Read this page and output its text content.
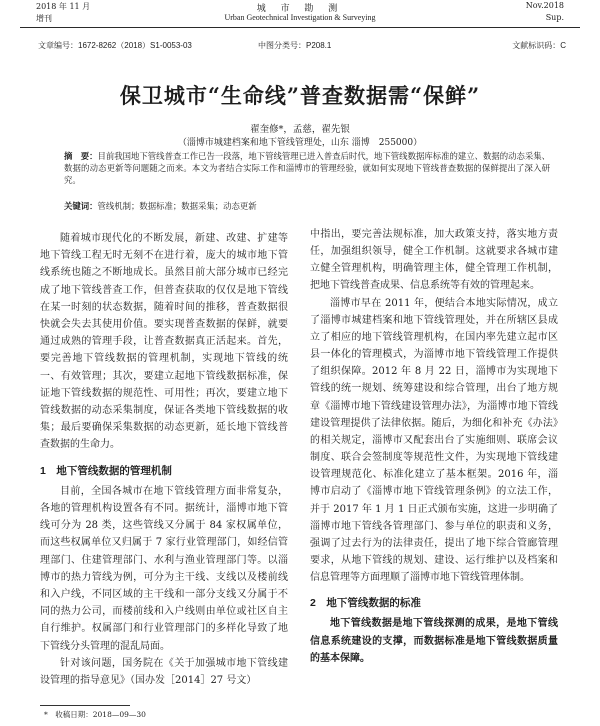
2018 年 11 月
增刊
城 市 勘 测
Urban Geotechnical Investigation & Surveying
Nov.2018
Sup.
文章编号：1672-8262（2018）S1-0053-03	中图分类号：P208.1	文献标识码：C
保卫城市“生命线”普查数据需“保鲜”
翟奎修*，孟慈，翟先银
（淄博市城建档案和地下管线管理处，山东 淄博　255000）
摘　要：目前我国地下管线普查工作已告一段落，地下管线管理已进入普查后时代，地下管线数据库标准的建立、数据的动态采集、数据的动态更新等问题随之而来。本文为者结合实际工作和淄博市的管理经验，就如何实现地下管线普查数据的保鲜提出了深入研究。
关键词：管线机制；数据标准；数据采集；动态更新

随着城市现代化的不断发展，新建、改建、扩建等地下管线工程无时无刻不在进行着，庞大的城市地下管线系统也随之不断地成长。虽然目前大部分城市已经完成了地下管线普查工作，但普查获取的仅仅是地下管线在某一时刻的状态数据，随着时间的推移，普查数据很快就会失去其使用价值。要实现普查数据的保鲜，就要通过成熟的管理手段，让普查数据真正活起来。首先，要完善地下管线数据的管理机制，实现地下管线的统一、有效管理；其次，要建立起地下管线数据标准，保证地下管线数据的规范性、可用性；再次，要建立地下管线数据的动态采集制度，保证各类地下管线数据的收集；最后要确保采集数据的动态更新，延长地下管线普查数据的生命力。

1　地下管线数据的管理机制

目前，全国各城市在地下管线管理方面非常复杂，各地的管理机构设置各有不同。据统计，淄博市地下管线可分为 28 类，这些管线又分属于 84 家权属单位，而这些权属单位又归属于 7 家行业管理部门，如经信管理部门、住建管理部门、水利与渔业管理部门等。以淄博市的热力管线为例，可分为主干线、支线以及楼前线和入户线，不同区域的主干线和一部分支线又分属于不同的热力公司，而楼前线和入户线则由单位或社区自主自行维护。权属部门和行业管理部门的多样化导致了地下管线分头管理的混乱局面。

针对该问题，国务院在《关于加强城市地下管线建设管理的指导意见》（国办发［2014］27 号文）

中指出，要完善法规标准，加大政策支持，落实地方责任，加强组织领导，健全工作机制。这就要求各城市建立健全管理机构，明确管理主体，健全管理工作机制，把地下管线普查成果、信息系统等有效的管理起来。

淄博市早在 2011 年，便结合本地实际情况，成立了淄博市城建档案和地下管线管理处，并在所辖区县成立了相应的地下管线管理机构，在国内率先建立起市区县一体化的管理模式，为淄博市地下管线管理工作提供了组织保障。2012 年 8 月 22 日，淄博市为实现地下管线的统一规划、统筹建设和综合管理，出台了地方规章《淄博市地下管线建设管理办法》，为淄博市地下管线建设管理提供了法律依据。随后，为细化和补充《办法》的相关规定，淄博市又配套出台了实施细则、联席会议制度、联合会签制度等规范性文件，为实现地下管线建设管理规范化、标准化建立了基本框架。2016 年，淄博市启动了《淄博市地下管线管理条例》的立法工作，并于 2017 年 1 月 1 日正式颁布实施，这进一步明确了淄博市地下管线各管理部门、参与单位的职责和义务，强调了过去行为的法律责任，提出了地下综合管廊管理要求，从地下管线的规划、建设、运行维护以及档案和信息管理等方面理顺了淄博市地下管线管理体制。

2　地下管线数据的标准

地下管线数据是地下管线探测的成果，是地下管线信息系统建设的支撑，而数据标准是地下管线数据质量的基本保障。

*　收稿日期：2018—09—30
